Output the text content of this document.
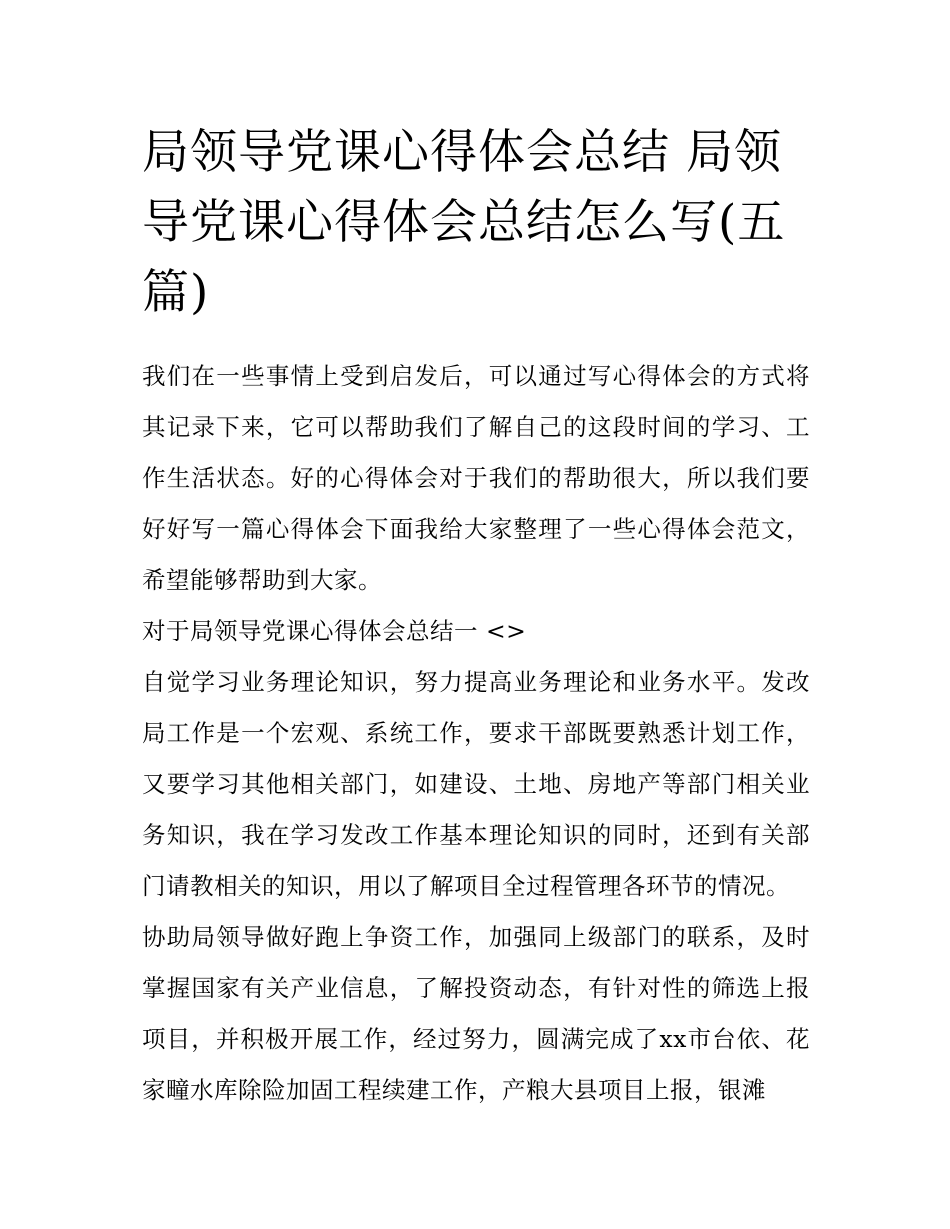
局领导党课心得体会总结 局领导党课心得体会总结怎么写(五篇)

我们在一些事情上受到启发后，可以通过写心得体会的方式将其记录下来，它可以帮助我们了解自己的这段时间的学习、工作生活状态。好的心得体会对于我们的帮助很大，所以我们要好好写一篇心得体会下面我给大家整理了一些心得体会范文，希望能够帮助到大家。

对于局领导党课心得体会总结一 <>

自觉学习业务理论知识，努力提高业务理论和业务水平。发改局工作是一个宏观、系统工作，要求干部既要熟悉计划工作，又要学习其他相关部门，如建设、土地、房地产等部门相关业务知识，我在学习发改工作基本理论知识的同时，还到有关部门请教相关的知识，用以了解项目全过程管理各环节的情况。

协助局领导做好跑上争资工作，加强同上级部门的联系，及时掌握国家有关产业信息，了解投资动态，有针对性的筛选上报项目，并积极开展工作，经过努力，圆满完成了xx市台依、花家疃水库除险加固工程续建工作，产粮大县项目上报，银滩
